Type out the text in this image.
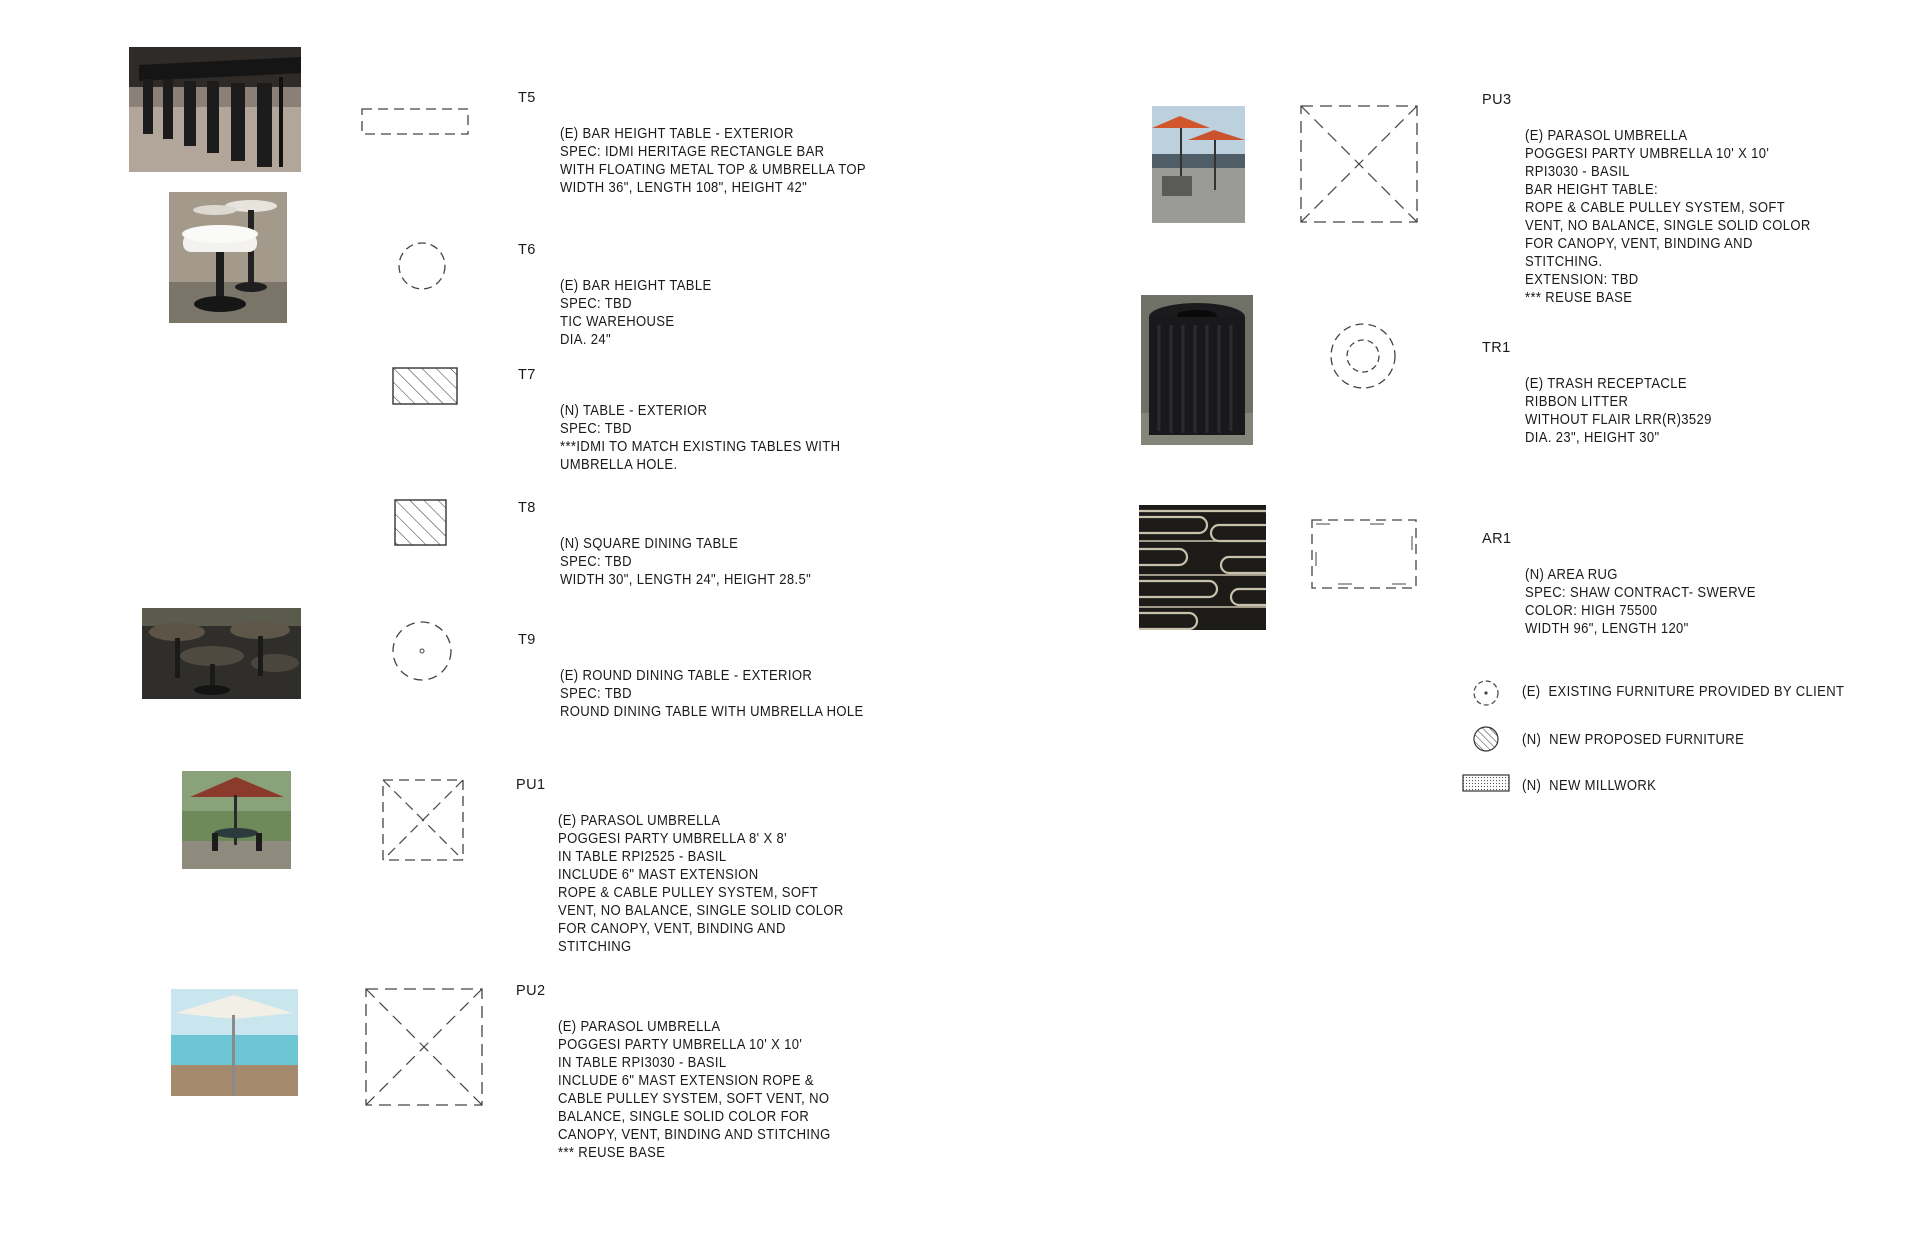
T5

(E) BAR HEIGHT TABLE - EXTERIOR
SPEC: IDMI HERITAGE RECTANGLE BAR
WITH FLOATING METAL TOP & UMBRELLA TOP
WIDTH 36", LENGTH 108", HEIGHT 42"

T6

(E) BAR HEIGHT TABLE
SPEC: TBD
TIC WAREHOUSE
DIA. 24"

T7

(N) TABLE - EXTERIOR
SPEC: TBD
***IDMI TO MATCH EXISTING TABLES WITH
UMBRELLA HOLE.

T8

(N) SQUARE DINING TABLE
SPEC: TBD
WIDTH 30", LENGTH 24", HEIGHT 28.5"

T9

(E) ROUND DINING TABLE - EXTERIOR
SPEC: TBD
ROUND DINING TABLE WITH UMBRELLA HOLE

PU1

(E) PARASOL UMBRELLA
POGGESI PARTY UMBRELLA 8' X 8'
IN TABLE RPI2525 - BASIL
INCLUDE 6" MAST EXTENSION
ROPE & CABLE PULLEY SYSTEM, SOFT
VENT, NO BALANCE, SINGLE SOLID COLOR
FOR CANOPY, VENT, BINDING AND
STITCHING

PU2

(E) PARASOL UMBRELLA
POGGESI PARTY UMBRELLA 10' X 10'
IN TABLE RPI3030 - BASIL
INCLUDE 6" MAST EXTENSION ROPE &
CABLE PULLEY SYSTEM, SOFT VENT, NO
BALANCE, SINGLE SOLID COLOR FOR
CANOPY, VENT, BINDING AND STITCHING
*** REUSE BASE

PU3

(E) PARASOL UMBRELLA
POGGESI PARTY UMBRELLA 10' X 10'
RPI3030 - BASIL
BAR HEIGHT TABLE:
ROPE & CABLE PULLEY SYSTEM, SOFT
VENT, NO BALANCE, SINGLE SOLID COLOR
FOR CANOPY, VENT, BINDING AND
STITCHING.
EXTENSION: TBD
*** REUSE BASE

TR1

(E) TRASH RECEPTACLE
RIBBON LITTER
WITHOUT FLAIR LRR(R)3529
DIA. 23", HEIGHT 30"

AR1

(N) AREA RUG
SPEC: SHAW CONTRACT- SWERVE
COLOR: HIGH 75500
WIDTH 96", LENGTH 120"

(E)  EXISTING FURNITURE PROVIDED BY CLIENT
(N)  NEW PROPOSED FURNITURE
(N)  NEW MILLWORK
